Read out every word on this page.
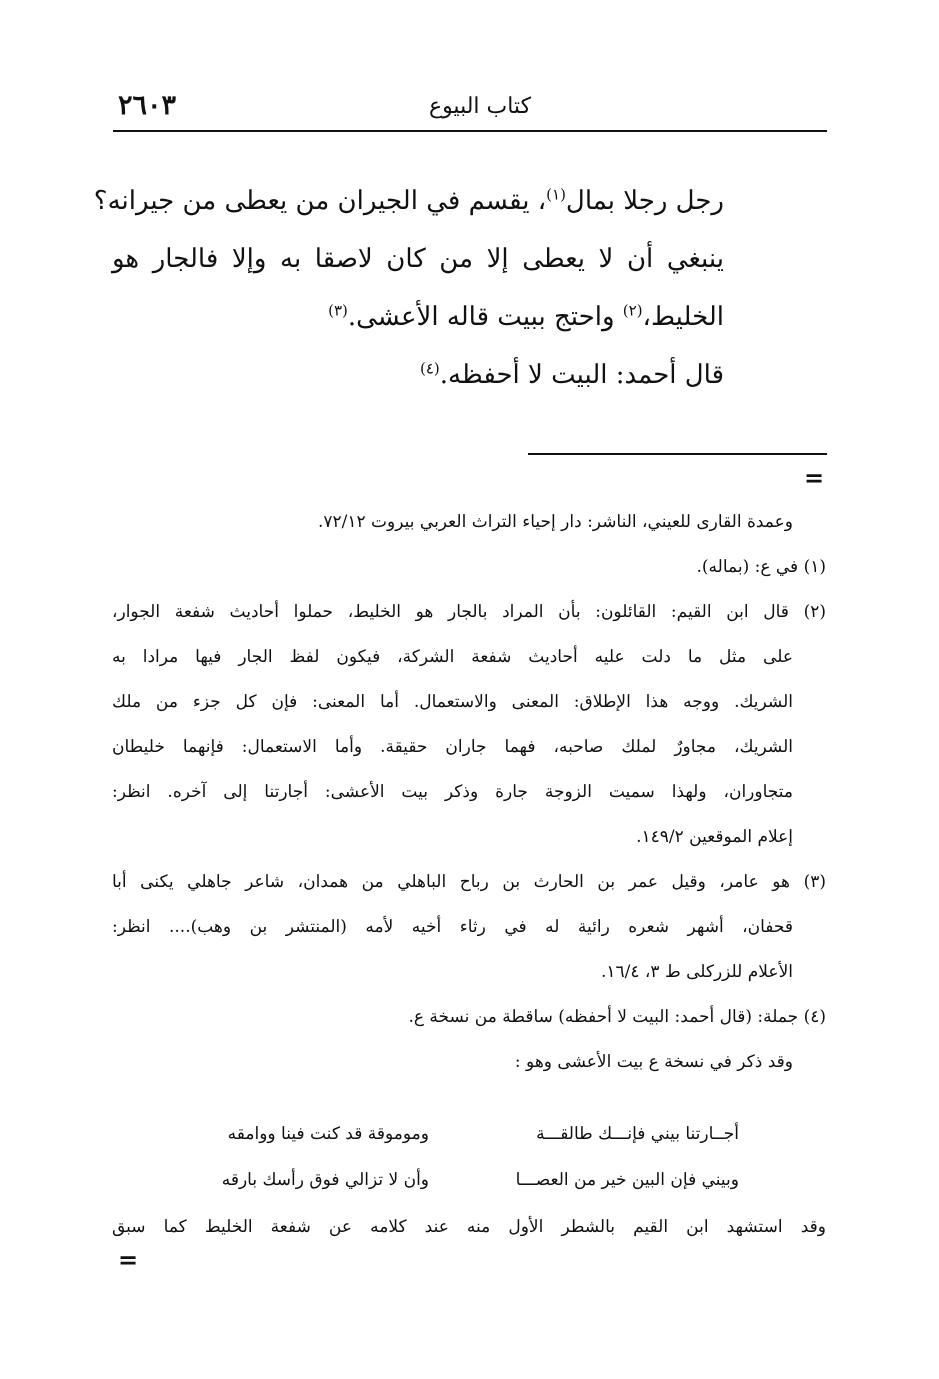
٢٦٠٣	كتاب البيوع
رجل رجلا بمال$^{(١)}$، يقسم في الجيران من يعطى من جيرانه؟
ينبغي أن لا يعطى إلا من كان لاصقا به وإلا فالجار هو
الخليط،$^{(٢)}$ واحتج ببيت قاله الأعشى.$^{(٣)}$
قال أحمد: البيت لا أحفظه.$^{(٤)}$
=
وعمدة القارى للعيني، الناشر: دار إحياء التراث العربي بيروت ٧٢/١٢.
(١) في ع: (بماله).
(٢) قال ابن القيم: القائلون: بأن المراد بالجار هو الخليط، حملوا أحاديث شفعة الجوار،
على مثل ما دلت عليه أحاديث شفعة الشركة، فيكون لفظ الجار فيها مرادا به
الشريك. ووجه هذا الإطلاق: المعنى والاستعمال. أما المعنى: فإن كل جزء من ملك
الشريك، مجاورٌ لملك صاحبه، فهما جاران حقيقة. وأما الاستعمال: فإنهما خليطان
متجاوران، ولهذا سميت الزوجة جارة وذكر بيت الأعشى: أجارتنا إلى آخره. انظر:
إعلام الموقعين ١٤٩/٢.
(٣) هو عامر، وقيل عمر بن الحارث بن رباح الباهلي من همدان، شاعر جاهلي يكنى أبا
قحفان، أشهر شعره رائية له في رثاء أخيه لأمه (المنتشر بن وهب).... انظر:
الأعلام للزركلى ط ٣، ١٦/٤.
(٤) جملة: (قال أحمد: البيت لا أحفظه) ساقطة من نسخة ع.
وقد ذكر في نسخة ع بيت الأعشى وهو :
أجــارتنا بيني فإنـــك طالقـــة
وموموقة قد كنت فينا ووامقه
وبيني فإن البين خير من العصـــا
وأن لا تزالي فوق رأسك بارقه
وقد استشهد ابن القيم بالشطر الأول منه عند كلامه عن شفعة الخليط كما سبق
=
